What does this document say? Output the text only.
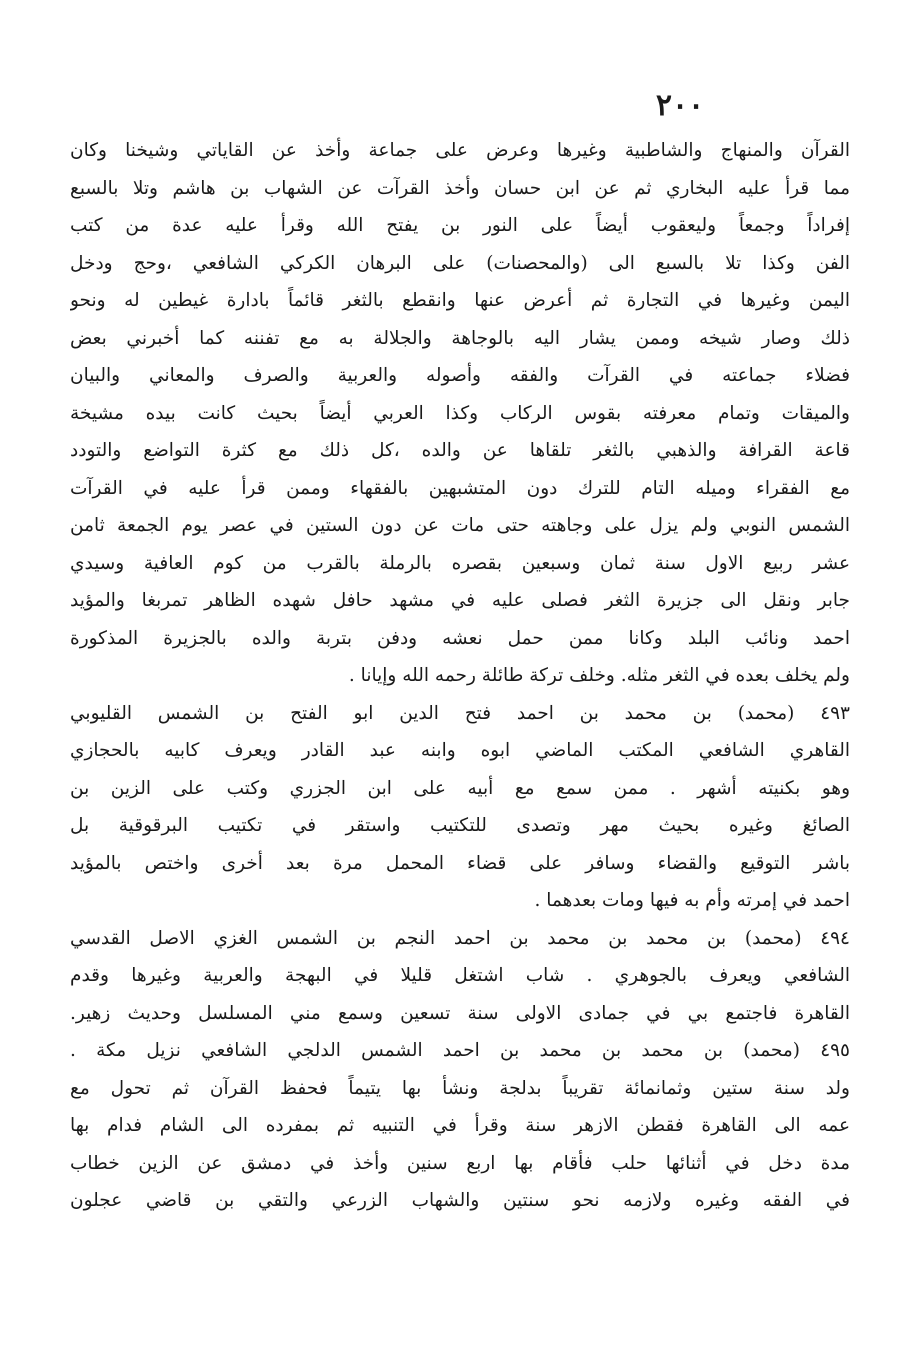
٢٠٠
القرآن والمنهاج والشاطبية وغيرها وعرض على جماعة وأخذ عن القاياتي وشيخنا وكان
مما قرأ عليه البخاري ثم عن ابن حسان وأخذ القرآت عن الشهاب بن هاشم وتلا بالسبع
إفراداً وجمعاً وليعقوب أيضاً على النور بن يفتح الله وقرأ عليه عدة من كتب
الفن وكذا تلا بالسبع الى (والمحصنات) على البرهان الكركي الشافعي ،وحج ودخل
اليمن وغيرها في التجارة ثم أعرض عنها وانقطع بالثغر قائماً بادارة غيطين له ونحو
ذلك وصار شيخه وممن يشار اليه بالوجاهة والجلالة به مع تفننه كما أخبرني بعض
فضلاء جماعته في القرآت والفقه وأصوله والعربية والصرف والمعاني والبيان
والميقات وتمام معرفته بقوس الركاب وكذا العربي أيضاً بحيث كانت بيده مشيخة
قاعة القرافة والذهبي بالثغر تلقاها عن والده ،كل ذلك مع كثرة التواضع والتودد
مع الفقراء وميله التام للترك دون المتشبهين بالفقهاء وممن قرأ عليه في القرآت
الشمس النوبي ولم يزل على وجاهته حتى مات عن دون الستين في عصر يوم الجمعة ثامن
عشر ربيع الاول سنة ثمان وسبعين بقصره بالرملة بالقرب من كوم العافية وسيدي
جابر ونقل الى جزيرة الثغر فصلى عليه في مشهد حافل شهده الظاهر تمربغا والمؤيد
احمد ونائب البلد وكانا ممن حمل نعشه ودفن بتربة والده بالجزيرة المذكورة
ولم يخلف بعده في الثغر مثله. وخلف تركة طائلة رحمه الله وإيانا .
٤٩٣ (محمد) بن محمد بن احمد فتح الدين ابو الفتح بن الشمس القليوبي
القاهري الشافعي المكتب الماضي ابوه وابنه عبد القادر ويعرف كابيه بالحجازي
وهو بكنيته أشهر . ممن سمع مع أبيه على ابن الجزري وكتب على الزين بن
الصائغ وغيره بحيث مهر وتصدى للتكتيب واستقر في تكتيب البرقوقية بل
باشر التوقيع والقضاء وسافر على قضاء المحمل مرة بعد أخرى واختص بالمؤيد
احمد في إمرته وأم به فيها ومات بعدهما .
٤٩٤ (محمد) بن محمد بن محمد بن احمد النجم بن الشمس الغزي الاصل القدسي
الشافعي ويعرف بالجوهري . شاب اشتغل قليلا في البهجة والعربية وغيرها وقدم
القاهرة فاجتمع بي في جمادى الاولى سنة تسعين وسمع مني المسلسل وحديث زهير.
٤٩٥ (محمد) بن محمد بن محمد بن احمد الشمس الدلجي الشافعي نزيل مكة .
ولد سنة ستين وثمانمائة تقريباً بدلجة ونشأ بها يتيماً فحفظ القرآن ثم تحول مع
عمه الى القاهرة فقطن الازهر سنة وقرأ في التنبيه ثم بمفرده الى الشام فدام بها
مدة دخل في أثنائها حلب فأقام بها اربع سنين وأخذ في دمشق عن الزين خطاب
في الفقه وغيره ولازمه نحو سنتين والشهاب الزرعي والتقي بن قاضي عجلون
